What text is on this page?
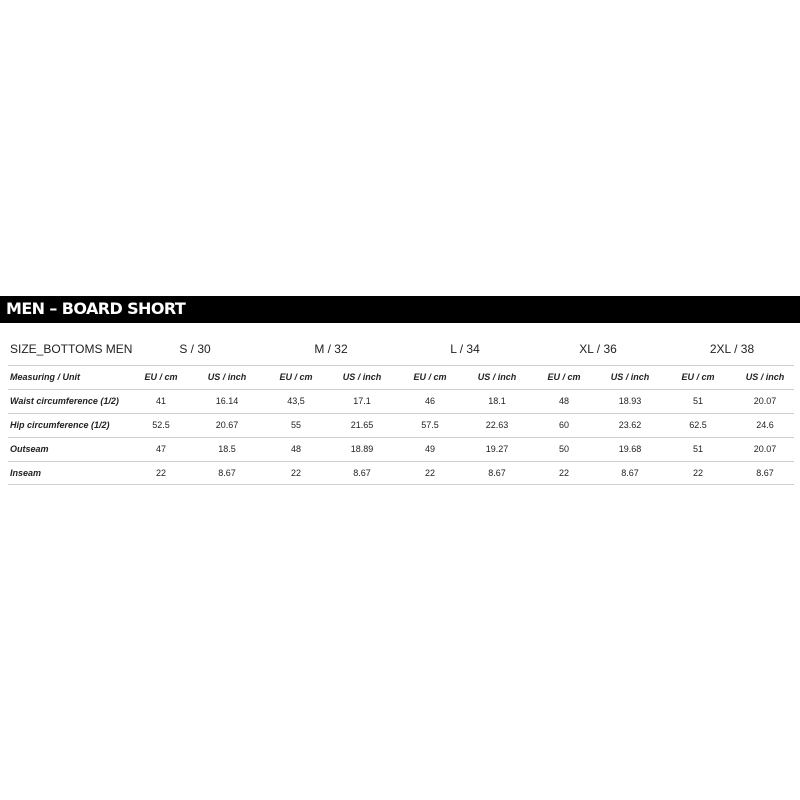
MEN – BOARD SHORT
SIZE_BOTTOMS MEN	S / 30	M / 32	L / 34	XL / 36	2XL / 38
Measuring / Unit	EU / cm	US / inch	EU / cm	US / inch	EU / cm	US / inch	EU / cm	US / inch	EU / cm	US / inch
Waist circumference (1/2)	41	16.14	43,5	17.1	46	18.1	48	18.93	51	20.07
Hip circumference (1/2)	52.5	20.67	55	21.65	57.5	22.63	60	23.62	62.5	24.6
Outseam	47	18.5	48	18.89	49	19.27	50	19.68	51	20.07
Inseam	22	8.67	22	8.67	22	8.67	22	8.67	22	8.67
